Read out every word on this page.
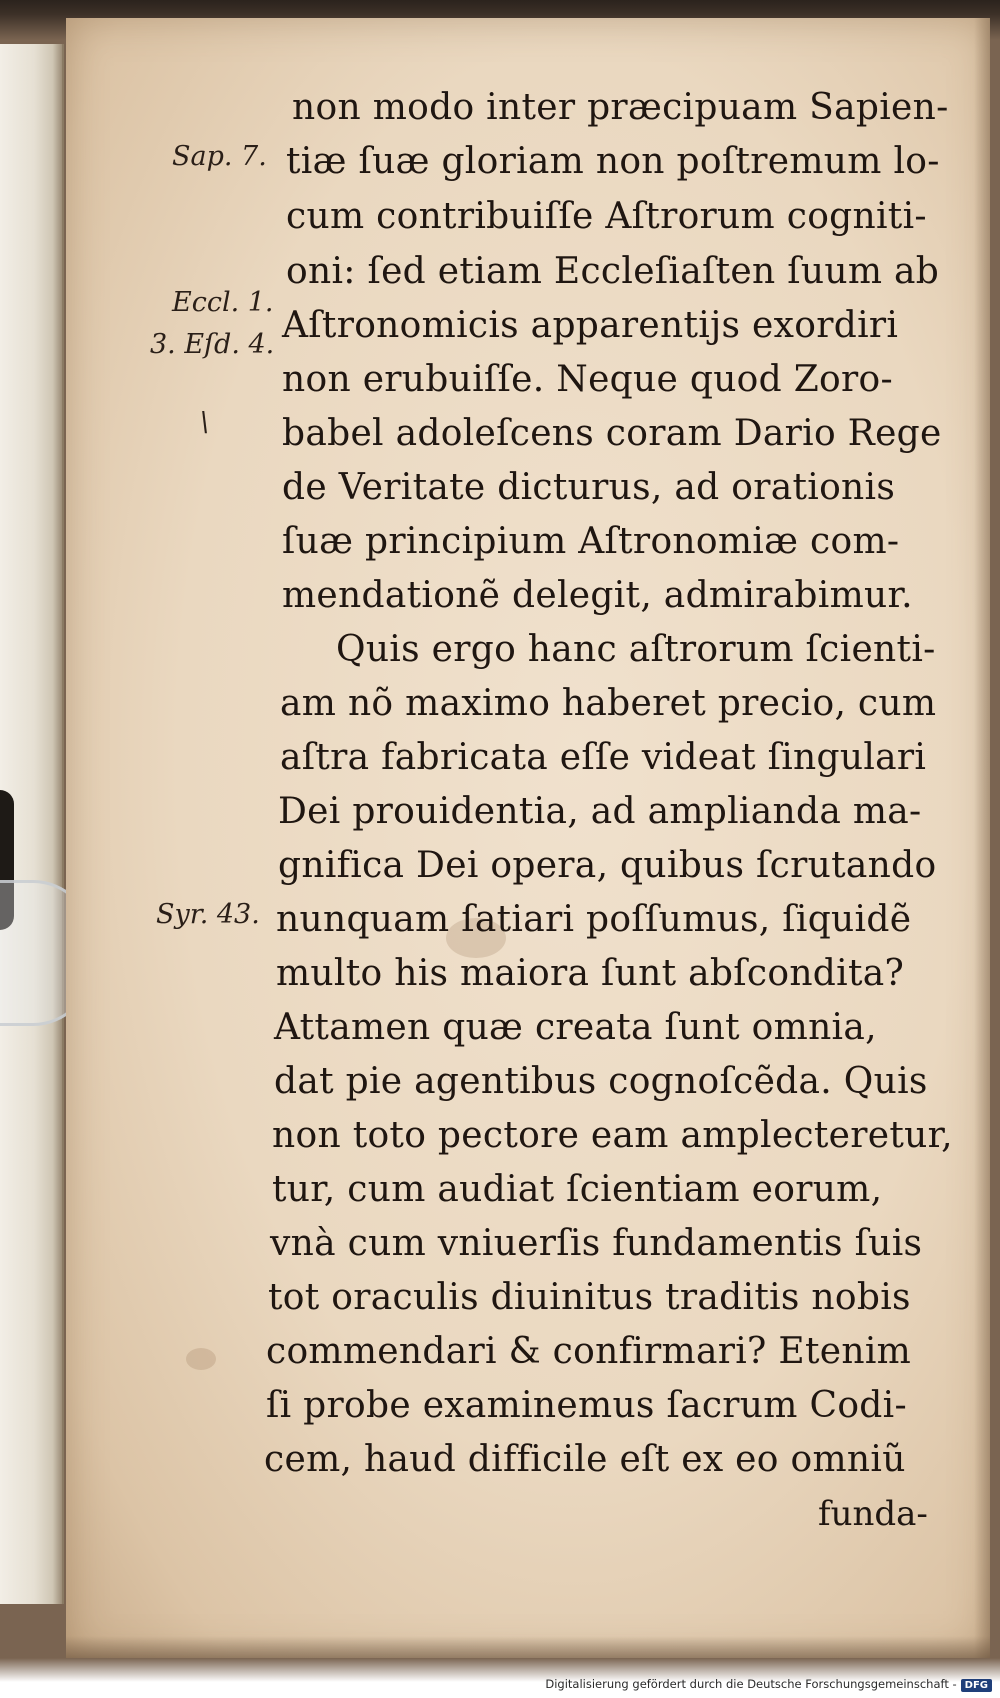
Sap. 7.
Eccl. 1.
3. Eſd. 4.
\
Syr. 43.
non modo inter præcipuam Sapien-
tiæ ſuæ gloriam non poſtremum lo-
cum contribuiſſe Aſtrorum cogniti-
oni: ſed etiam Eccleſiaſten ſuum ab
Aſtronomicis apparentijs exordiri
non erubuiſſe. Neque quod Zoro-
babel adoleſcens coram Dario Rege
de Veritate dicturus, ad orationis
ſuæ principium Aſtronomiæ com-
mendationẽ delegit, admirabimur.
Quis ergo hanc aſtrorum ſcienti-
am nõ maximo haberet precio, cum
aſtra fabricata eſſe videat ſingulari
Dei prouidentia, ad amplianda ma-
gnifica Dei opera, quibus ſcrutando
nunquam ſatiari poſſumus, ſiquidẽ
multo his maiora ſunt abſcondita?
Attamen quæ creata ſunt omnia,
dat pie agentibus cognoſcẽda. Quis
non toto pectore eam amplecteretur,
tur, cum audiat ſcientiam eorum,
vnà cum vniuerſis fundamentis ſuis
tot oraculis diuinitus traditis nobis
commendari & confirmari? Etenim
ſi probe examinemus ſacrum Codi-
cem, haud difficile eſt ex eo omniũ
funda-
Digitalisierung gefördert durch die Deutsche Forschungsgemeinschaft - DFG
